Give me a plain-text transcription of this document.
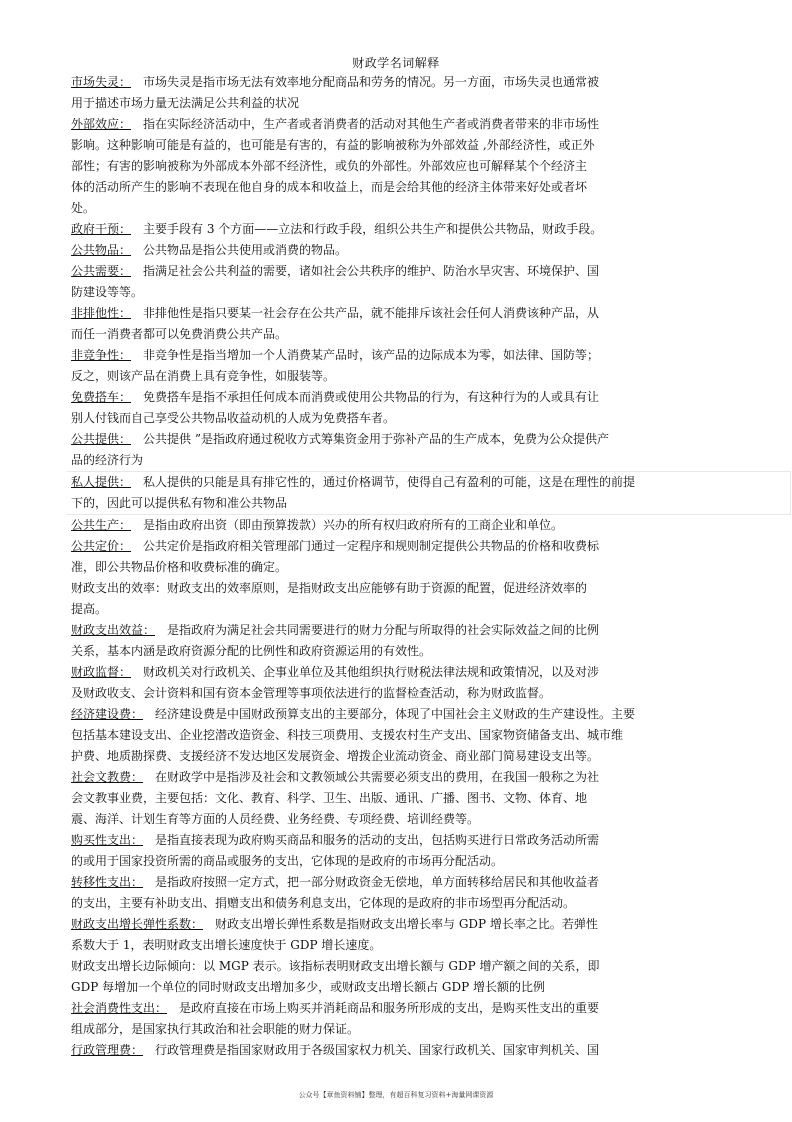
财政学名词解释
市场失灵： 市场失灵是指市场无法有效率地分配商品和劳务的情况。另一方面，市场失灵也通常被
用于描述市场力量无法满足公共利益的状况
外部效应： 指在实际经济活动中，生产者或者消费者的活动对其他生产者或消费者带来的非市场性
影响。这种影响可能是有益的，也可能是有害的，有益的影响被称为外部效益 ,外部经济性，或正外
部性；有害的影响被称为外部成本外部不经济性，或负的外部性。外部效应也可解释某个个经济主
体的活动所产生的影响不表现在他自身的成本和收益上，而是会给其他的经济主体带来好处或者坏
处。
政府干预： 主要手段有 3 个方面——立法和行政手段，组织公共生产和提供公共物品，财政手段。
公共物品： 公共物品是指公共使用或消费的物品。
公共需要： 指满足社会公共利益的需要，诸如社会公共秩序的维护、防治水旱灾害、环境保护、国
防建设等等。
非排他性： 非排他性是指只要某一社会存在公共产品，就不能排斥该社会任何人消费该种产品，从
而任一消费者都可以免费消费公共产品。
非竞争性： 非竞争性是指当增加一个人消费某产品时，该产品的边际成本为零，如法律、国防等；
反之，则该产品在消费上具有竞争性，如服装等。
免费搭车： 免费搭车是指不承担任何成本而消费或使用公共物品的行为，有这种行为的人或具有让
别人付钱而自己享受公共物品收益动机的人成为免费搭车者。
公共提供： 公共提供 ”是指政府通过税收方式筹集资金用于弥补产品的生产成本，免费为公众提供产
品的经济行为
私人提供： 私人提供的只能是具有排它性的，通过价格调节，使得自己有盈利的可能，这是在理性的前提
下的，因此可以提供私有物和准公共物品
公共生产： 是指由政府出资（即由预算拨款）兴办的所有权归政府所有的工商企业和单位。
公共定价： 公共定价是指政府相关管理部门通过一定程序和规则制定提供公共物品的价格和收费标
准，即公共物品价格和收费标准的确定。
财政支出的效率：财政支出的效率原则，是指财政支出应能够有助于资源的配置，促进经济效率的
提高。
财政支出效益： 是指政府为满足社会共同需要进行的财力分配与所取得的社会实际效益之间的比例
关系，基本内涵是政府资源分配的比例性和政府资源运用的有效性。
财政监督： 财政机关对行政机关、企事业单位及其他组织执行财税法律法规和政策情况，以及对涉
及财政收支、会计资料和国有资本金管理等事项依法进行的监督检查活动，称为财政监督。
经济建设费： 经济建设费是中国财政预算支出的主要部分，体现了中国社会主义财政的生产建设性。主要
包括基本建设支出、企业挖潜改造资金、科技三项费用、支援农村生产支出、国家物资储备支出、城市维
护费、地质勘探费、支援经济不发达地区发展资金、增拨企业流动资金、商业部门简易建设支出等。
社会文教费： 在财政学中是指涉及社会和文教领域公共需要必须支出的费用，在我国一般称之为社
会文教事业费，主要包括：文化、教育、科学、卫生、出版、通讯、广播、图书、文物、体育、地
震、海洋、计划生育等方面的人员经费、业务经费、专项经费、培训经费等。
购买性支出： 是指直接表现为政府购买商品和服务的活动的支出，包括购买进行日常政务活动所需
的或用于国家投资所需的商品或服务的支出，它体现的是政府的市场再分配活动。
转移性支出： 是指政府按照一定方式，把一部分财政资金无偿地，单方面转移给居民和其他收益者
的支出，主要有补助支出、捐赠支出和债务利息支出，它体现的是政府的非市场型再分配活动。
财政支出增长弹性系数： 财政支出增长弹性系数是指财政支出增长率与 GDP 增长率之比。若弹性
系数大于 1，表明财政支出增长速度快于 GDP 增长速度。
财政支出增长边际倾向：以 MGP 表示。该指标表明财政支出增长额与 GDP 增产额之间的关系，即
GDP 每增加一个单位的同时财政支出增加多少，或财政支出增长额占 GDP 增长额的比例
社会消费性支出： 是政府直接在市场上购买并消耗商品和服务所形成的支出，是购买性支出的重要
组成部分，是国家执行其政治和社会职能的财力保证。
行政管理费： 行政管理费是指国家财政用于各级国家权力机关、国家行政机关、国家审判机关、国
公众号【章鱼资料铺】整理，有超百科复习资料+海量网课资源
